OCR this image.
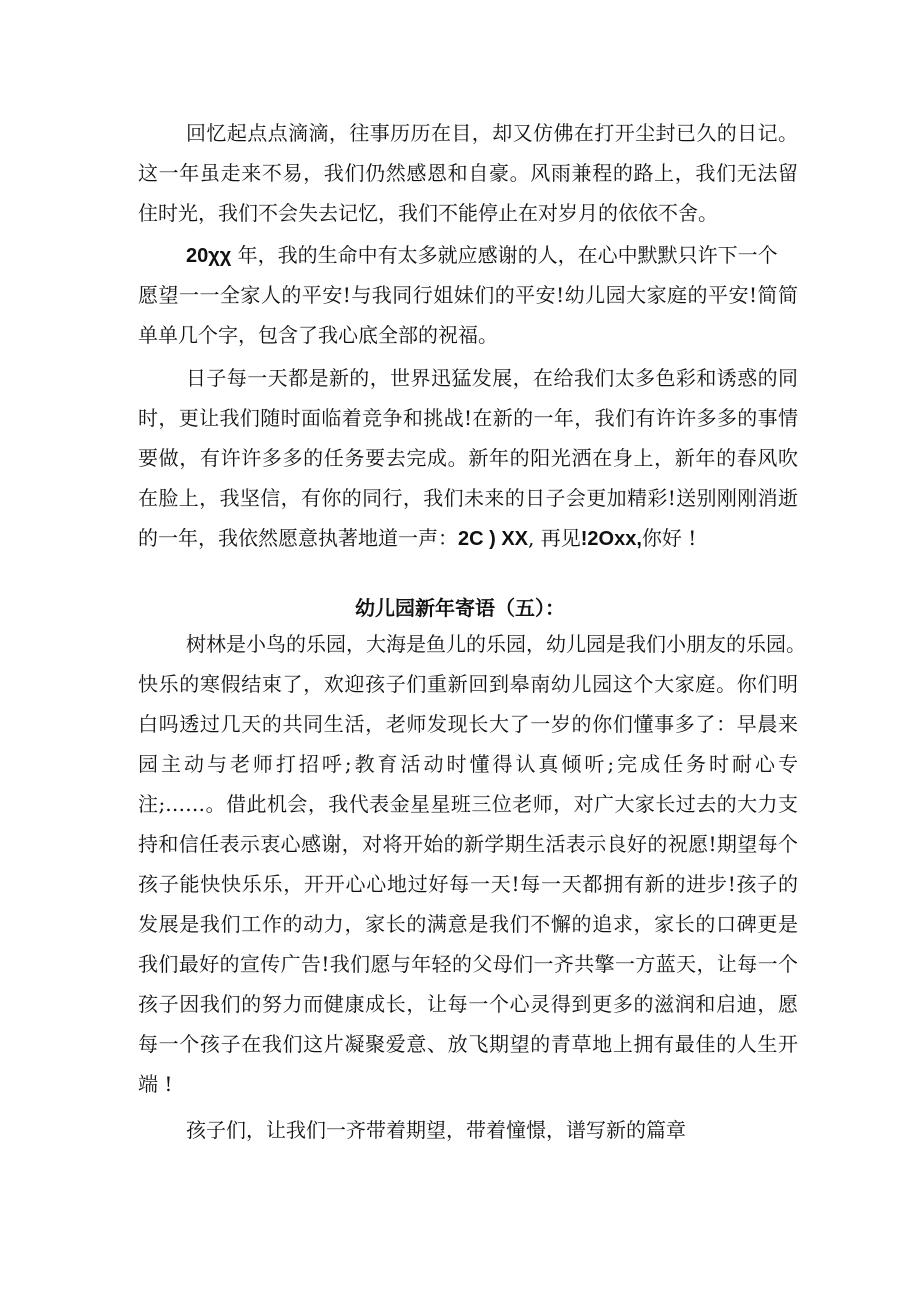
回忆起点点滴滴，往事历历在目，却又仿佛在打开尘封已久的日记。
这一年虽走来不易，我们仍然感恩和自豪。风雨兼程的路上，我们无法留
住时光，我们不会失去记忆，我们不能停止在对岁月的依依不舍。
20χχ 年，我的生命中有太多就应感谢的人，在心中默默只许下一个
愿望一一全家人的平安!与我同行姐妹们的平安!幼儿园大家庭的平安!简简
单单几个字，包含了我心底全部的祝福。
日子每一天都是新的，世界迅猛发展，在给我们太多色彩和诱惑的同
时，更让我们随时面临着竞争和挑战!在新的一年，我们有许许多多的事情
要做，有许许多多的任务要去完成。新年的阳光洒在身上，新年的春风吹
在脸上，我坚信，有你的同行，我们未来的日子会更加精彩!送别刚刚消逝
的一年，我依然愿意执著地道一声：2C ) XX, 再见!2Oxx,你好 !
幼儿园新年寄语（五）：
树林是小鸟的乐园，大海是鱼儿的乐园，幼儿园是我们小朋友的乐园。
快乐的寒假结束了，欢迎孩子们重新回到皋南幼儿园这个大家庭。你们明
白吗透过几天的共同生活，老师发现长大了一岁的你们懂事多了：早晨来
园主动与老师打招呼;教育活动时懂得认真倾听;完成任务时耐心专
注;……。借此机会，我代表金星星班三位老师，对广大家长过去的大力支
持和信任表示衷心感谢，对将开始的新学期生活表示良好的祝愿!期望每个
孩子能快快乐乐，开开心心地过好每一天!每一天都拥有新的进步!孩子的
发展是我们工作的动力，家长的满意是我们不懈的追求，家长的口碑更是
我们最好的宣传广告!我们愿与年轻的父母们一齐共擎一方蓝天，让每一个
孩子因我们的努力而健康成长，让每一个心灵得到更多的滋润和启迪，愿
每一个孩子在我们这片凝聚爱意、放飞期望的青草地上拥有最佳的人生开
端 !
孩子们，让我们一齐带着期望，带着憧憬，谱写新的篇章
